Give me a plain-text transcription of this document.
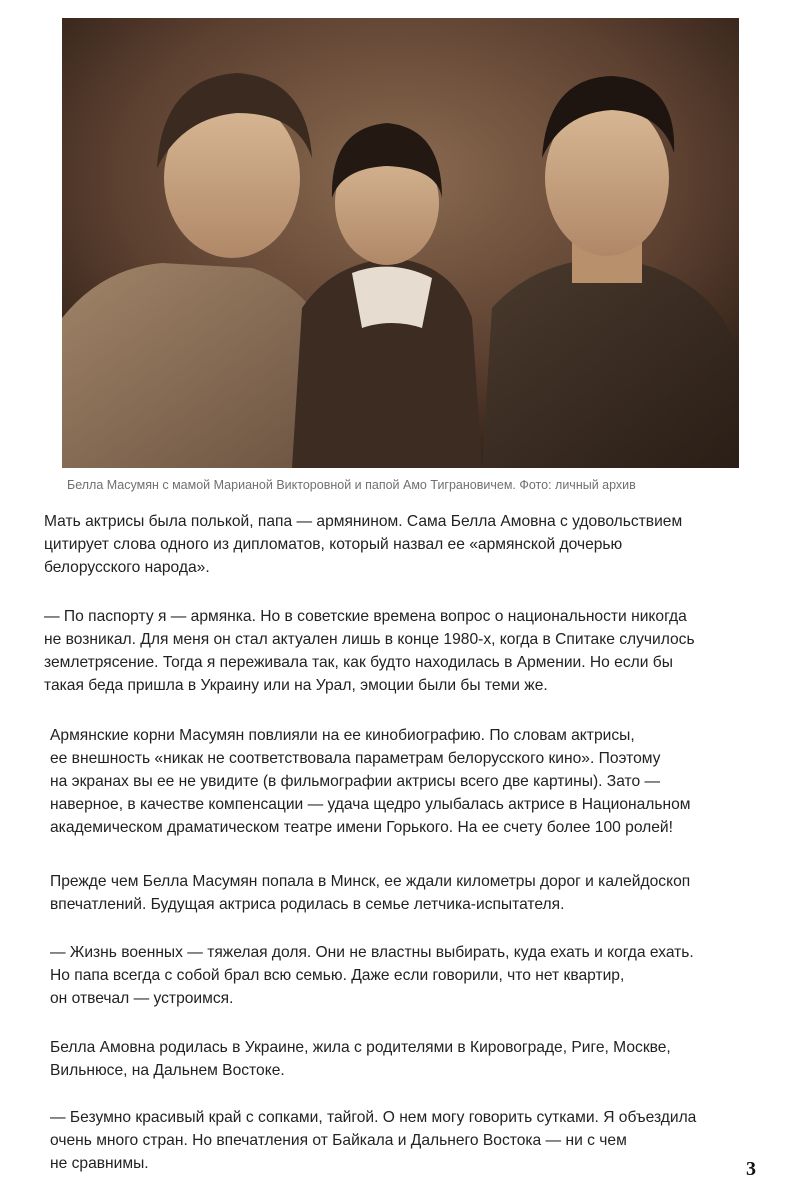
Белла Масумян с мамой Марианой Викторовной и папой Амо Тиграновичем. Фото: личный архив
Мать актрисы была полькой, папа — армянином. Сама Белла Амовна с удовольствием
цитирует слова одного из дипломатов, который назвал ее «армянской дочерью
белорусского народа».
— По паспорту я — армянка. Но в советские времена вопрос о национальности никогда
не возникал. Для меня он стал актуален лишь в конце 1980-х, когда в Спитаке случилось
землетрясение. Тогда я переживала так, как будто находилась в Армении. Но если бы
такая беда пришла в Украину или на Урал, эмоции были бы теми же.
Армянские корни Масумян повлияли на ее кинобиографию. По словам актрисы,
ее внешность «никак не соответствовала параметрам белорусского кино». Поэтому
на экранах вы ее не увидите (в фильмографии актрисы всего две картины). Зато —
наверное, в качестве компенсации — удача щедро улыбалась актрисе в Национальном
академическом драматическом театре имени Горького. На ее счету более 100 ролей!
Прежде чем Белла Масумян попала в Минск, ее ждали километры дорог и калейдоскоп
впечатлений. Будущая актриса родилась в семье летчика-испытателя.
— Жизнь военных — тяжелая доля. Они не властны выбирать, куда ехать и когда ехать.
Но папа всегда с собой брал всю семью. Даже если говорили, что нет квартир,
он отвечал — устроимся.
Белла Амовна родилась в Украине, жила с родителями в Кировограде, Риге, Москве,
Вильнюсе, на Дальнем Востоке.
— Безумно красивый край с сопками, тайгой. О нем могу говорить сутками. Я объездила
очень много стран. Но впечатления от Байкала и Дальнего Востока — ни с чем
не сравнимы.	3
